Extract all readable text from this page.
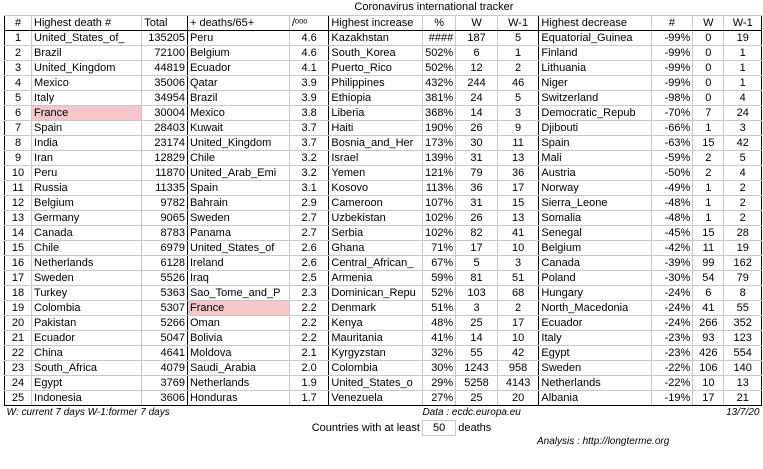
					Coronavirus international tracker							
#	Highest death #	Total	+ deaths/65+	/ᵒᵒᵒ	Highest increase	%	W	W-1	Highest decrease	#	W	W-1
1	United_States_of_	135205	Peru	4.6	Kazakhstan	####	187	5	Equatorial_Guinea	-99%	0	19
2	Brazil	72100	Belgium	4.6	South_Korea	502%	6	1	Finland	-99%	0	1
3	United_Kingdom	44819	Ecuador	4.1	Puerto_Rico	502%	12	2	Lithuania	-99%	0	1
4	Mexico	35006	Qatar	3.9	Philippines	432%	244	46	Niger	-99%	0	1
5	Italy	34954	Brazil	3.9	Ethiopia	381%	24	5	Switzerland	-98%	0	4
6	France	30004	Mexico	3.8	Liberia	368%	14	3	Democratic_Repub	-70%	7	24
7	Spain	28403	Kuwait	3.7	Haiti	190%	26	9	Djibouti	-66%	1	3
8	India	23174	United_Kingdom	3.7	Bosnia_and_Her	173%	30	11	Spain	-63%	15	42
9	Iran	12829	Chile	3.2	Israel	139%	31	13	Mali	-59%	2	5
10	Peru	11870	United_Arab_Emi	3.2	Yemen	121%	79	36	Austria	-50%	2	4
11	Russia	11335	Spain	3.1	Kosovo	113%	36	17	Norway	-49%	1	2
12	Belgium	9782	Bahrain	2.9	Cameroon	107%	31	15	Sierra_Leone	-48%	1	2
13	Germany	9065	Sweden	2.7	Uzbekistan	102%	26	13	Somalia	-48%	1	2
14	Canada	8783	Panama	2.7	Serbia	102%	82	41	Senegal	-45%	15	28
15	Chile	6979	United_States_of	2.6	Ghana	71%	17	10	Belgium	-42%	11	19
16	Netherlands	6128	Ireland	2.6	Central_African_	67%	5	3	Canada	-39%	99	162
17	Sweden	5526	Iraq	2.5	Armenia	59%	81	51	Poland	-30%	54	79
18	Turkey	5363	Sao_Tome_and_P	2.3	Dominican_Repu	52%	103	68	Hungary	-24%	6	8
19	Colombia	5307	France	2.2	Denmark	51%	3	2	North_Macedonia	-24%	41	55
20	Pakistan	5266	Oman	2.2	Kenya	48%	25	17	Ecuador	-24%	266	352
21	Ecuador	5047	Bolivia	2.2	Mauritania	41%	14	10	Italy	-23%	93	123
22	China	4641	Moldova	2.1	Kyrgyzstan	32%	55	42	Egypt	-23%	426	554
23	South_Africa	4079	Saudi_Arabia	2.0	Colombia	30%	1243	958	Sweden	-22%	106	140
24	Egypt	3769	Netherlands	1.9	United_States_o	29%	5258	4143	Netherlands	-22%	10	13
25	Indonesia	3606	Honduras	1.7	Venezuela	27%	25	20	Albania	-19%	17	21
W: current 7 days W-1:former 7 days						Data : ecdc.europa.eu					13/7/20	
			Countries with at least			50	deaths					
Analysis : http://longterme.org
